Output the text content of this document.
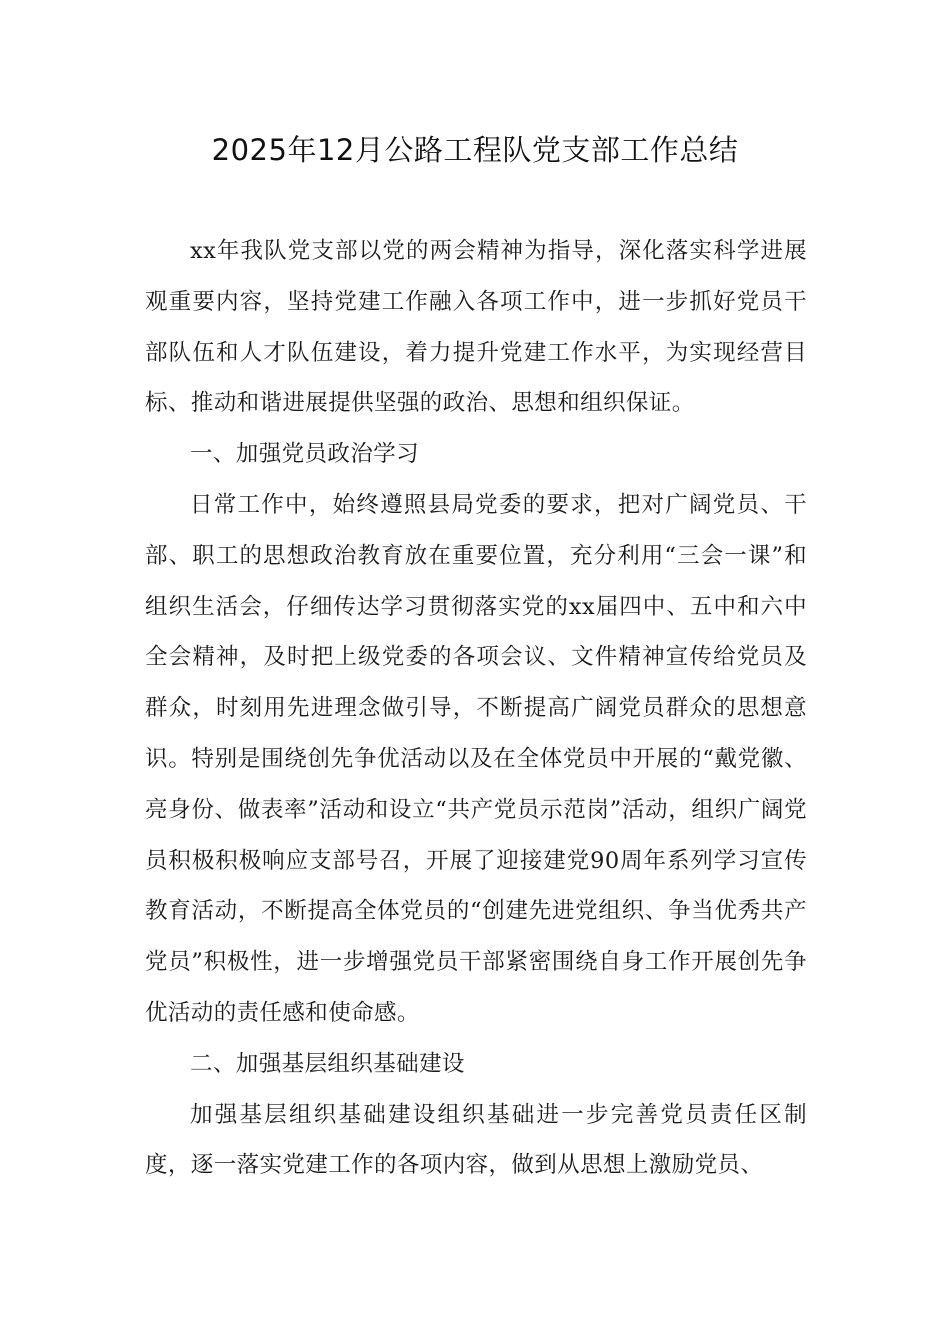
2025年12月公路工程队党支部工作总结

xx年我队党支部以党的两会精神为指导，深化落实科学进展观重要内容，坚持党建工作融入各项工作中，进一步抓好党员干部队伍和人才队伍建设，着力提升党建工作水平，为实现经营目标、推动和谐进展提供坚强的政治、思想和组织保证。

一、加强党员政治学习

日常工作中，始终遵照县局党委的要求，把对广阔党员、干部、职工的思想政治教育放在重要位置，充分利用“三会一课”和组织生活会，仔细传达学习贯彻落实党的xx届四中、五中和六中全会精神，及时把上级党委的各项会议、文件精神宣传给党员及群众，时刻用先进理念做引导，不断提高广阔党员群众的思想意识。特别是围绕创先争优活动以及在全体党员中开展的“戴党徽、亮身份、做表率”活动和设立“共产党员示范岗”活动，组织广阔党员积极积极响应支部号召，开展了迎接建党90周年系列学习宣传教育活动，不断提高全体党员的“创建先进党组织、争当优秀共产党员”积极性，进一步增强党员干部紧密围绕自身工作开展创先争优活动的责任感和使命感。

二、加强基层组织基础建设

加强基层组织基础建设组织基础进一步完善党员责任区制度，逐一落实党建工作的各项内容，做到从思想上激励党员、
